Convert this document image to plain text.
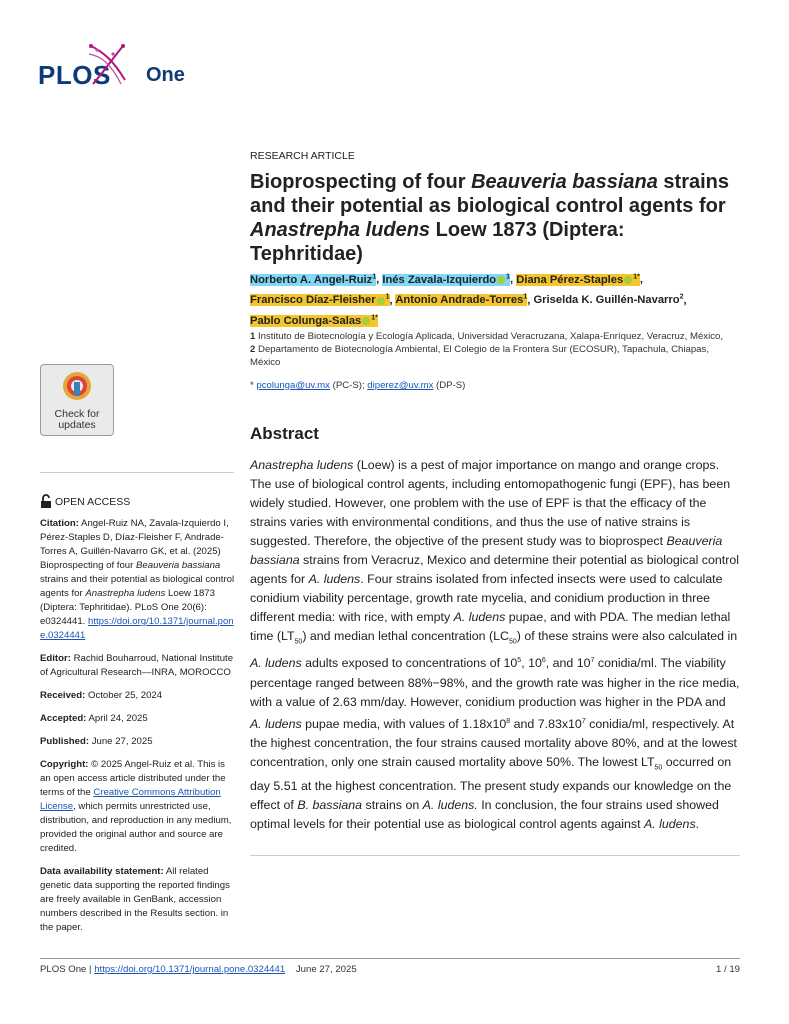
PLOS One
Check for
updates
OPEN ACCESS

Citation: Angel-Ruiz NA, Zavala-Izquierdo I, Pérez-Staples D, Díaz-Fleisher F, Andrade-Torres A, Guillén-Navarro GK, et al. (2025) Bioprospecting of four Beauveria bassiana strains and their potential as biological control agents for Anastrepha ludens Loew 1873 (Diptera: Tephritidae). PLoS One 20(6): e0324441. https://doi.org/10.1371/journal.pone.0324441

Editor: Rachid Bouharroud, National Institute of Agricultural Research—INRA, MOROCCO

Received: October 25, 2024

Accepted: April 24, 2025

Published: June 27, 2025

Copyright: © 2025 Angel-Ruiz et al. This is an open access article distributed under the terms of the Creative Commons Attribution License, which permits unrestricted use, distribution, and reproduction in any medium, provided the original author and source are credited.

Data availability statement: All related genetic data supporting the reported findings are freely available in GenBank, accession numbers described in the Results section. in the paper.

RESEARCH ARTICLE
Bioprospecting of four Beauveria bassiana strains and their potential as biological control agents for Anastrepha ludens Loew 1873 (Diptera: Tephritidae)
Norberto A. Angel-Ruiz$^1$, Inés Zavala-Izquierdo $^1$, Diana Pérez-Staples $^{1*}$,
Francisco Díaz-Fleisher $^1$, Antonio Andrade-Torres$^1$, Griselda K. Guillén-Navarro$^2$,
Pablo Colunga-Salas $^{1*}$
1 Instituto de Biotecnología y Ecología Aplicada, Universidad Veracruzana, Xalapa-Enríquez, Veracruz, México, 2 Departamento de Biotecnología Ambiental, El Colegio de la Frontera Sur (ECOSUR), Tapachula, Chiapas, México
* pcolunga@uv.mx (PC-S); diperez@uv.mx (DP-S)
Abstract
Anastrepha ludens (Loew) is a pest of major importance on mango and orange crops. The use of biological control agents, including entomopathogenic fungi (EPF), has been widely studied. However, one problem with the use of EPF is that the efficacy of the strains varies with environmental conditions, and thus the use of native strains is suggested. Therefore, the objective of the present study was to bioprospect Beauveria bassiana strains from Veracruz, Mexico and determine their potential as biological control agents for A. ludens. Four strains isolated from infected insects were used to calculate conidium viability percentage, growth rate mycelia, and conidium production in three different media: with rice, with empty A. ludens pupae, and with PDA. The median lethal time $(LT_{50})$ and median lethal concentration $(LC_{50})$ of these strains were also calculated in A. ludens adults exposed to concentrations of $10^5$, $10^6$, and $10^7$ conidia/ml. The viability percentage ranged between 88%−98%, and the growth rate was higher in the rice media, with a value of 2.63 mm/day. However, conidium production was higher in the PDA and A. ludens pupae media, with values of $1.18x10^8$ and $7.83x10^7$ conidia/ml, respectively. At the highest concentration, the four strains caused mortality above 80%, and at the lowest concentration, only one strain caused mortality above 50%. The lowest $LT_{50}$ occurred on day 5.51 at the highest concentration. The present study expands our knowledge on the effect of B. bassiana strains on A. ludens. In conclusion, the four strains used showed optimal levels for their potential use as biological control agents against A. ludens.
PLOS One | https://doi.org/10.1371/journal.pone.0324441 June 27, 2025	1 / 19
